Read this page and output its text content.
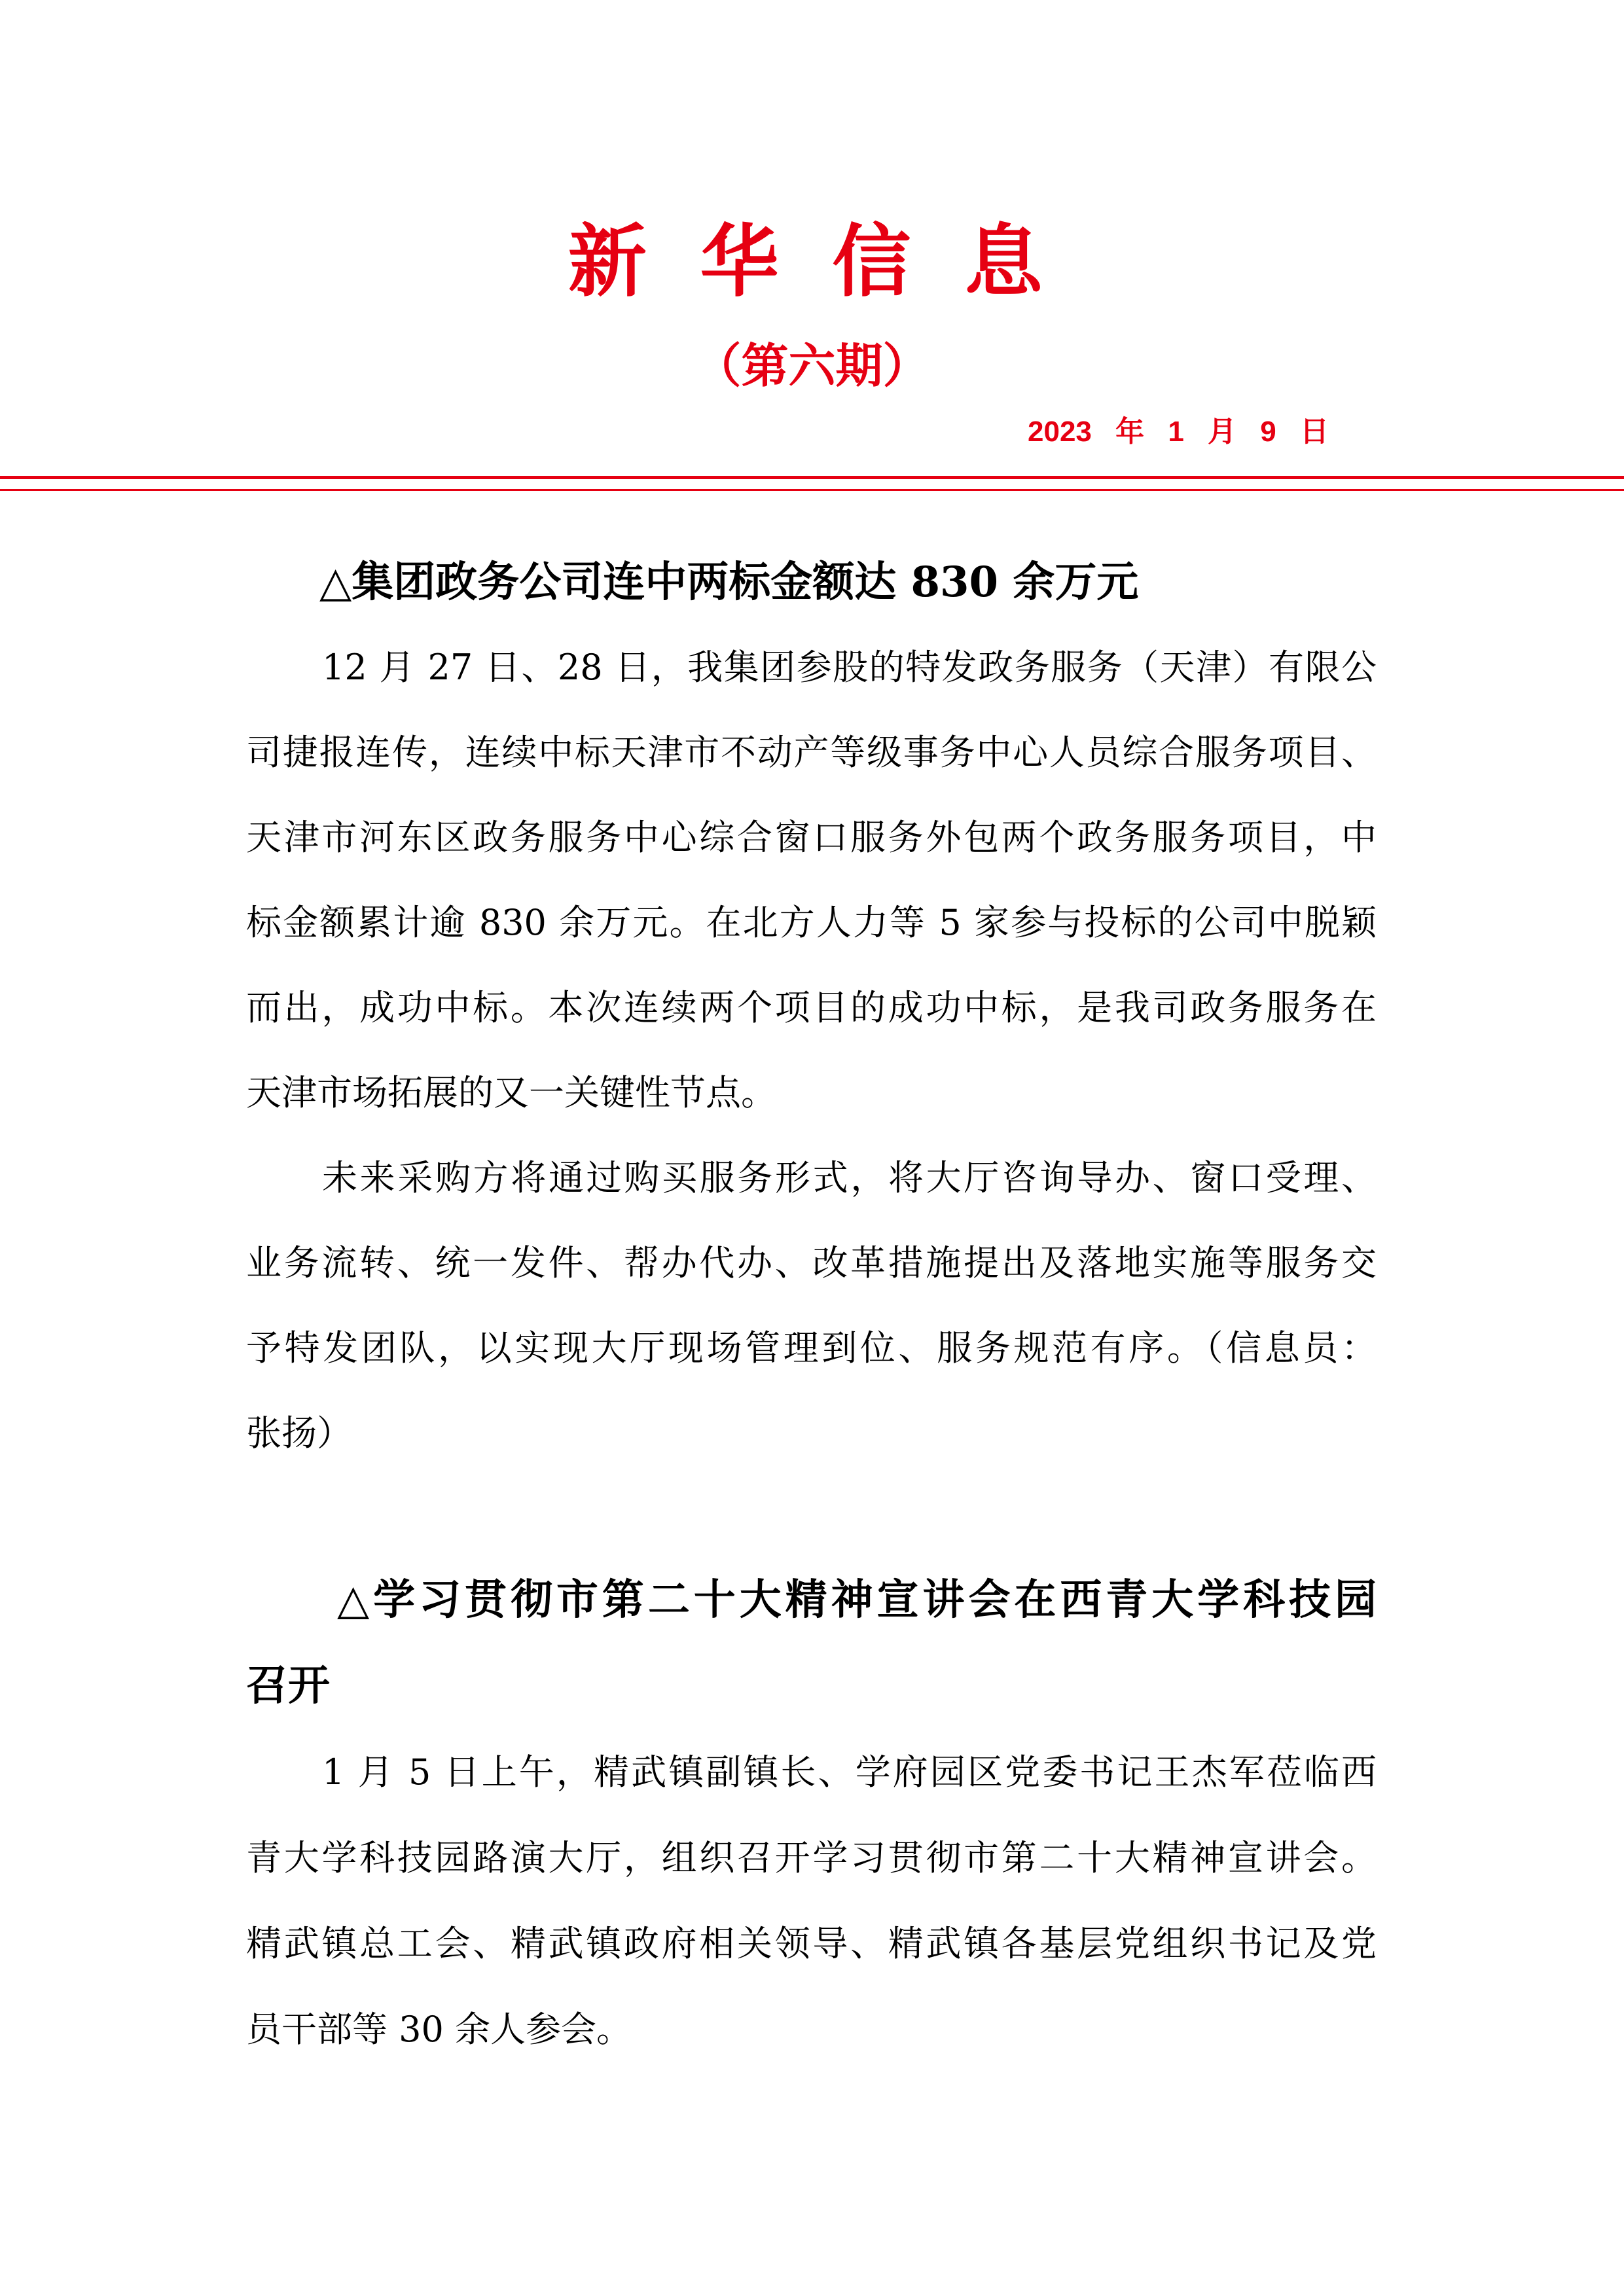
新 华 信 息
（第六期）
2023 年 1 月 9 日
△集团政务公司连中两标金额达 830 余万元
12 月 27 日、28 日，我集团参股的特发政务服务（天津）有限公
司捷报连传，连续中标天津市不动产等级事务中心人员综合服务项目、
天津市河东区政务服务中心综合窗口服务外包两个政务服务项目，中
标金额累计逾 830 余万元。在北方人力等 5 家参与投标的公司中脱颖
而出，成功中标。本次连续两个项目的成功中标，是我司政务服务在
天津市场拓展的又一关键性节点。
未来采购方将通过购买服务形式，将大厅咨询导办、窗口受理、
业务流转、统一发件、帮办代办、改革措施提出及落地实施等服务交
予特发团队，以实现大厅现场管理到位、服务规范有序。（信息员：
张扬）
△学习贯彻市第二十大精神宣讲会在西青大学科技园
召开
1 月 5 日上午，精武镇副镇长、学府园区党委书记王杰军莅临西
青大学科技园路演大厅，组织召开学习贯彻市第二十大精神宣讲会。
精武镇总工会、精武镇政府相关领导、精武镇各基层党组织书记及党
员干部等 30 余人参会。
